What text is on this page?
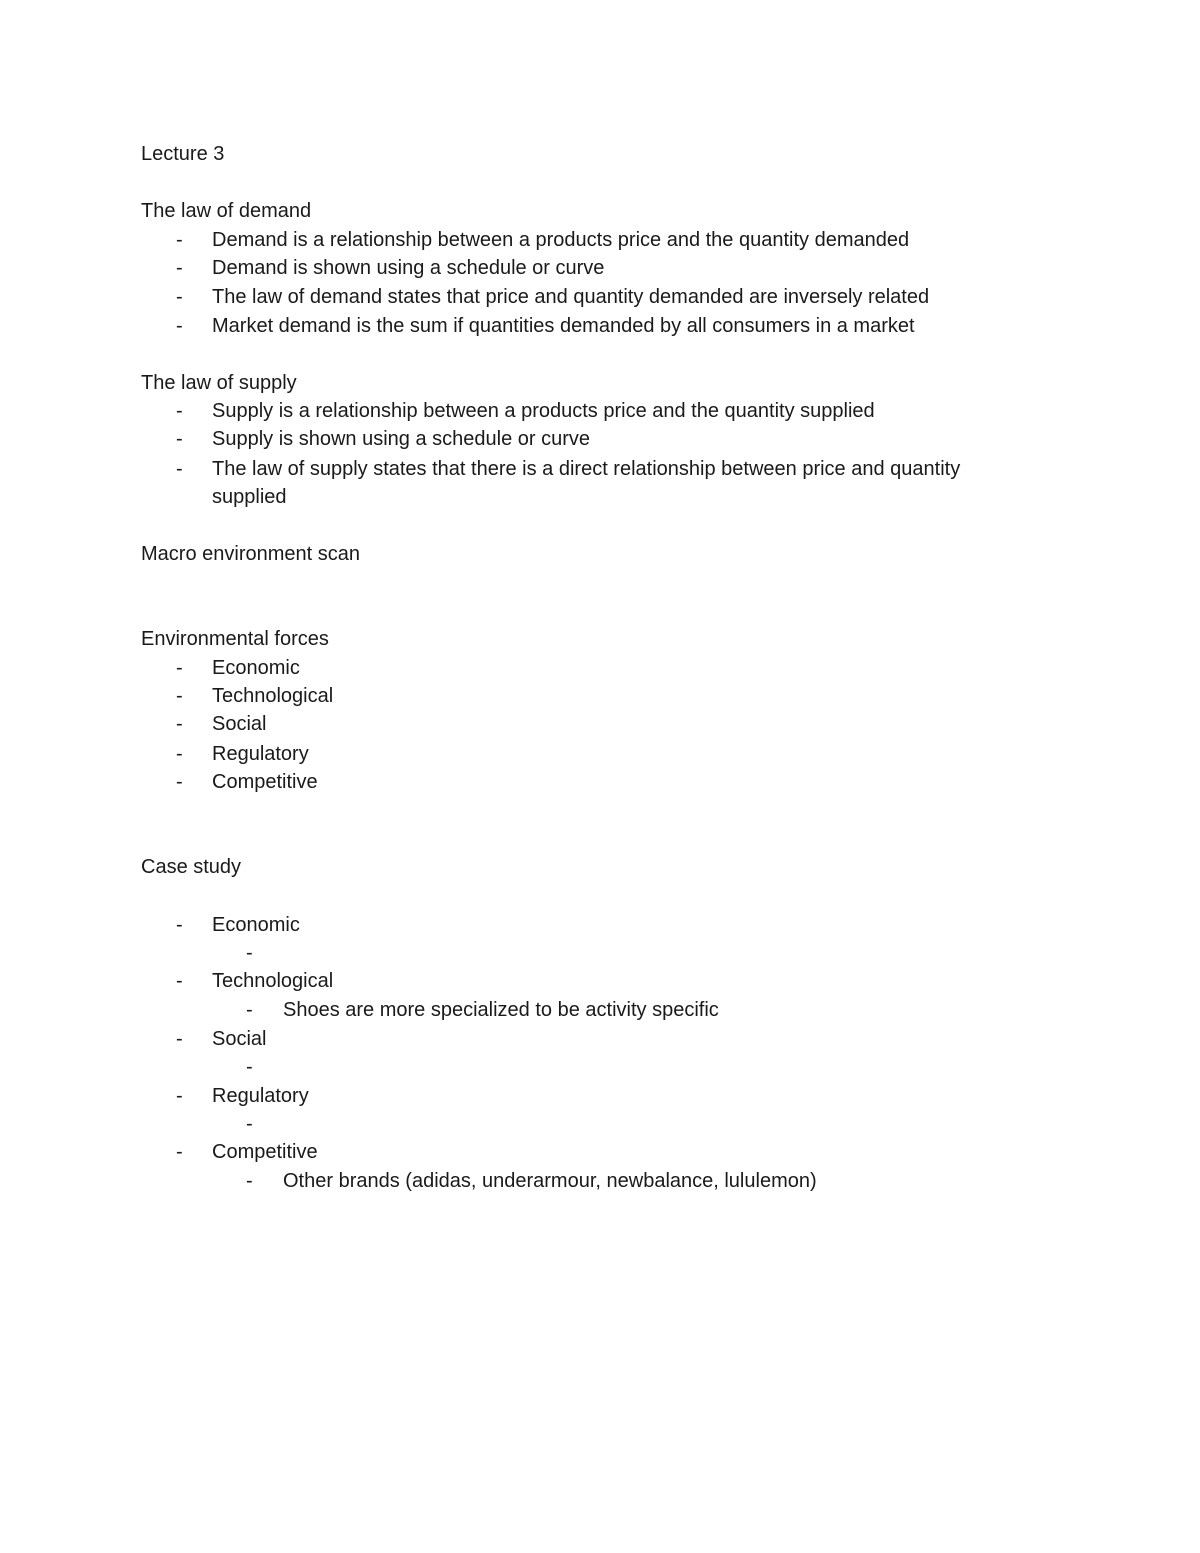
Lecture 3
The law of demand
- Demand is a relationship between a products price and the quantity demanded
- Demand is shown using a schedule or curve
- The law of demand states that price and quantity demanded are inversely related
- Market demand is the sum if quantities demanded by all consumers in a market
The law of supply
- Supply is a relationship between a products price and the quantity supplied
- Supply is shown using a schedule or curve
- The law of supply states that there is a direct relationship between price and quantity
supplied
Macro environment scan
Environmental forces
- Economic
- Technological
- Social
- Regulatory
- Competitive
Case study
- Economic
-
- Technological
- Shoes are more specialized to be activity specific
- Social
-
- Regulatory
-
- Competitive
- Other brands (adidas, underarmour, newbalance, lululemon)
